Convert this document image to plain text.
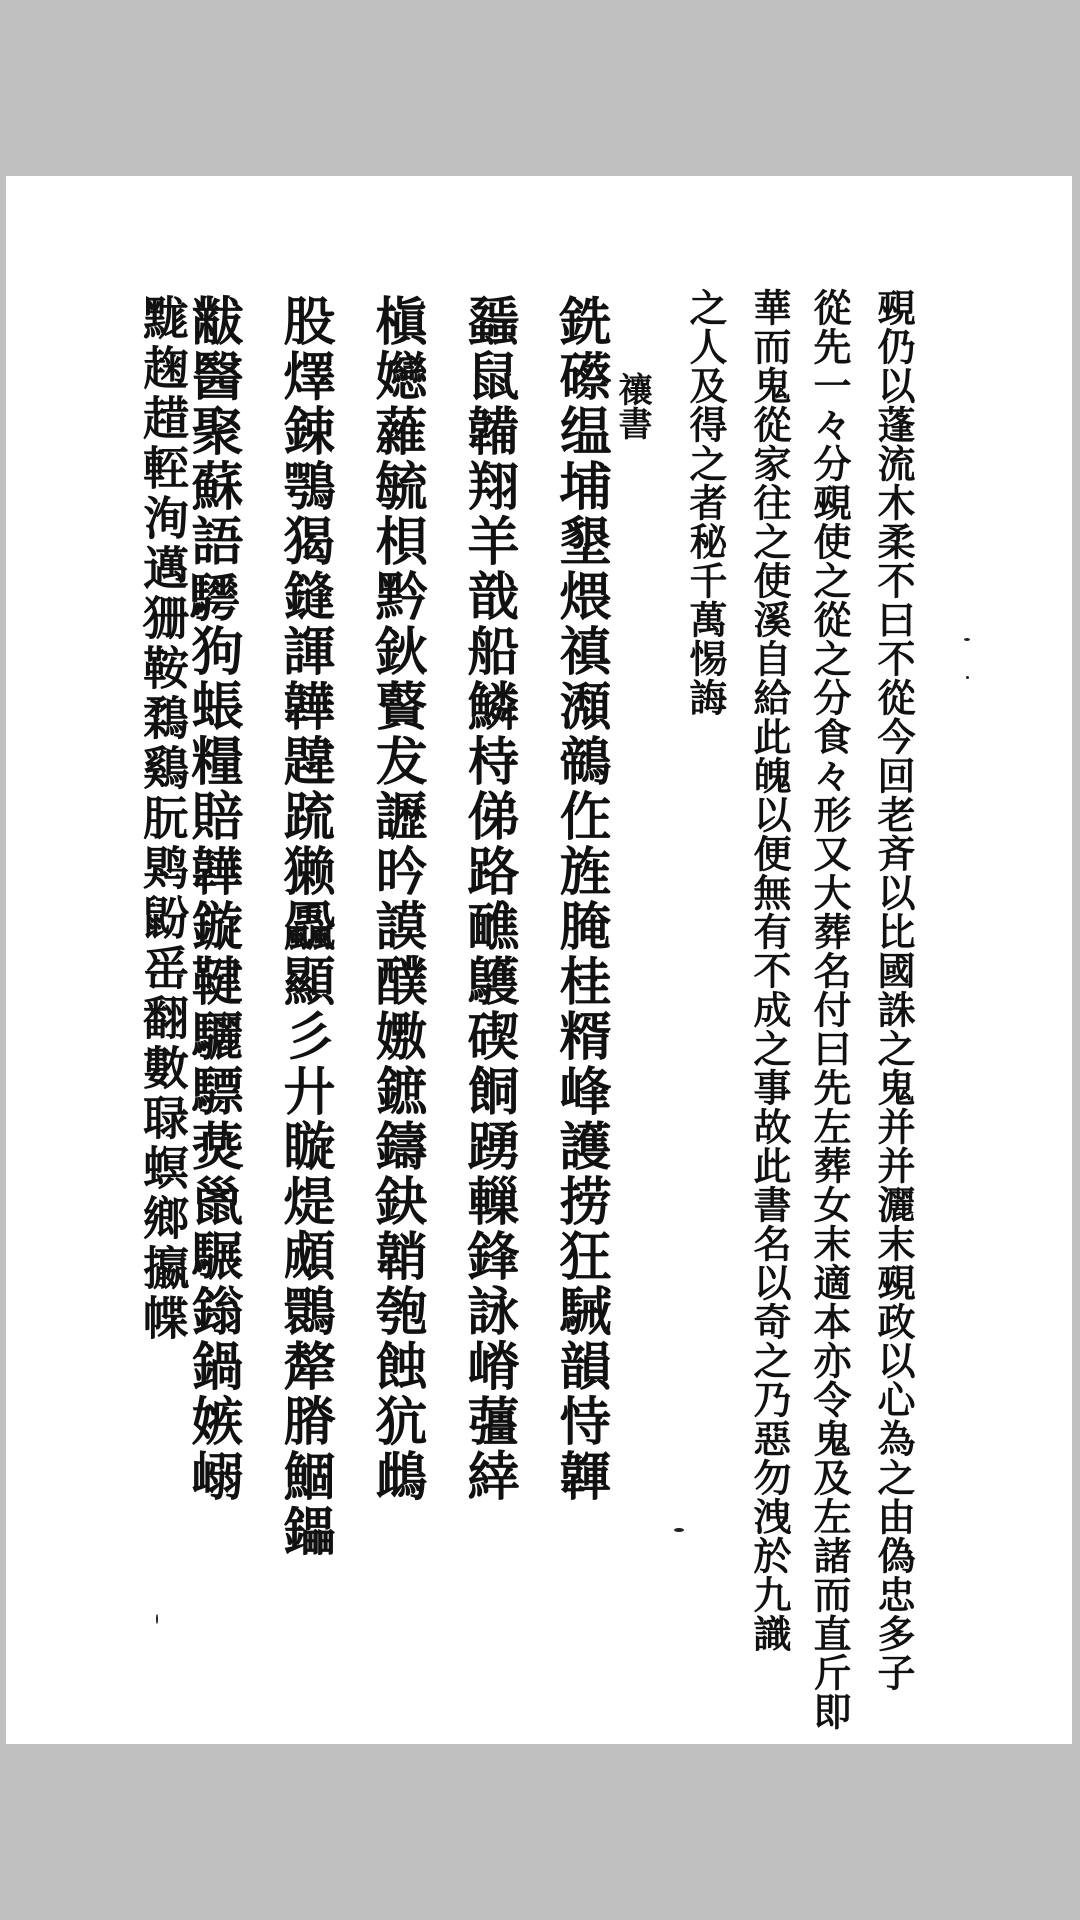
覡仍以蓬流木柔不曰不從今回老斉以比國誅之鬼并并灑末覡政以心為之由偽忠多子
從先一々分覡使之從之分食々形又大葬名付曰先左葬女末適本亦令鬼及左諸而直斤即
華而鬼從家往之使溪自給此魄以便無有不成之事故此書名以奇之乃惡勿洩於九識
之人及得之者秘千萬惕誨
禳書
銑礤缊埔墾煨禛瀩鶙㑅旌腌桂糈峰護捞狂駴韻恃韗
䗺鼠韛翔羊戠船鱗㭙俤路䩌鸌碶餇踴轈鋒詠嵴䕬緈
槇㜻䕹毓梖黔鈥藖犮讈昑謨醭嫐鏣鑄鈌韒匏蝕犺䳄
股燡鋉鶚猲鏠諢韡韙䟽獭飍顯彡廾䁢煶䫆䴉犛膌鯝鑘
黻醫聚蘇語𩦰狗䗅糧賠韡鏇鞬驪驃㷼巤𩥇鎓鍋嫉嵶
䵨趜趞䡖洵邁㹪鞍鶔鷄朊䴗鼢䍃翻數䎼螟鄉攍幉
